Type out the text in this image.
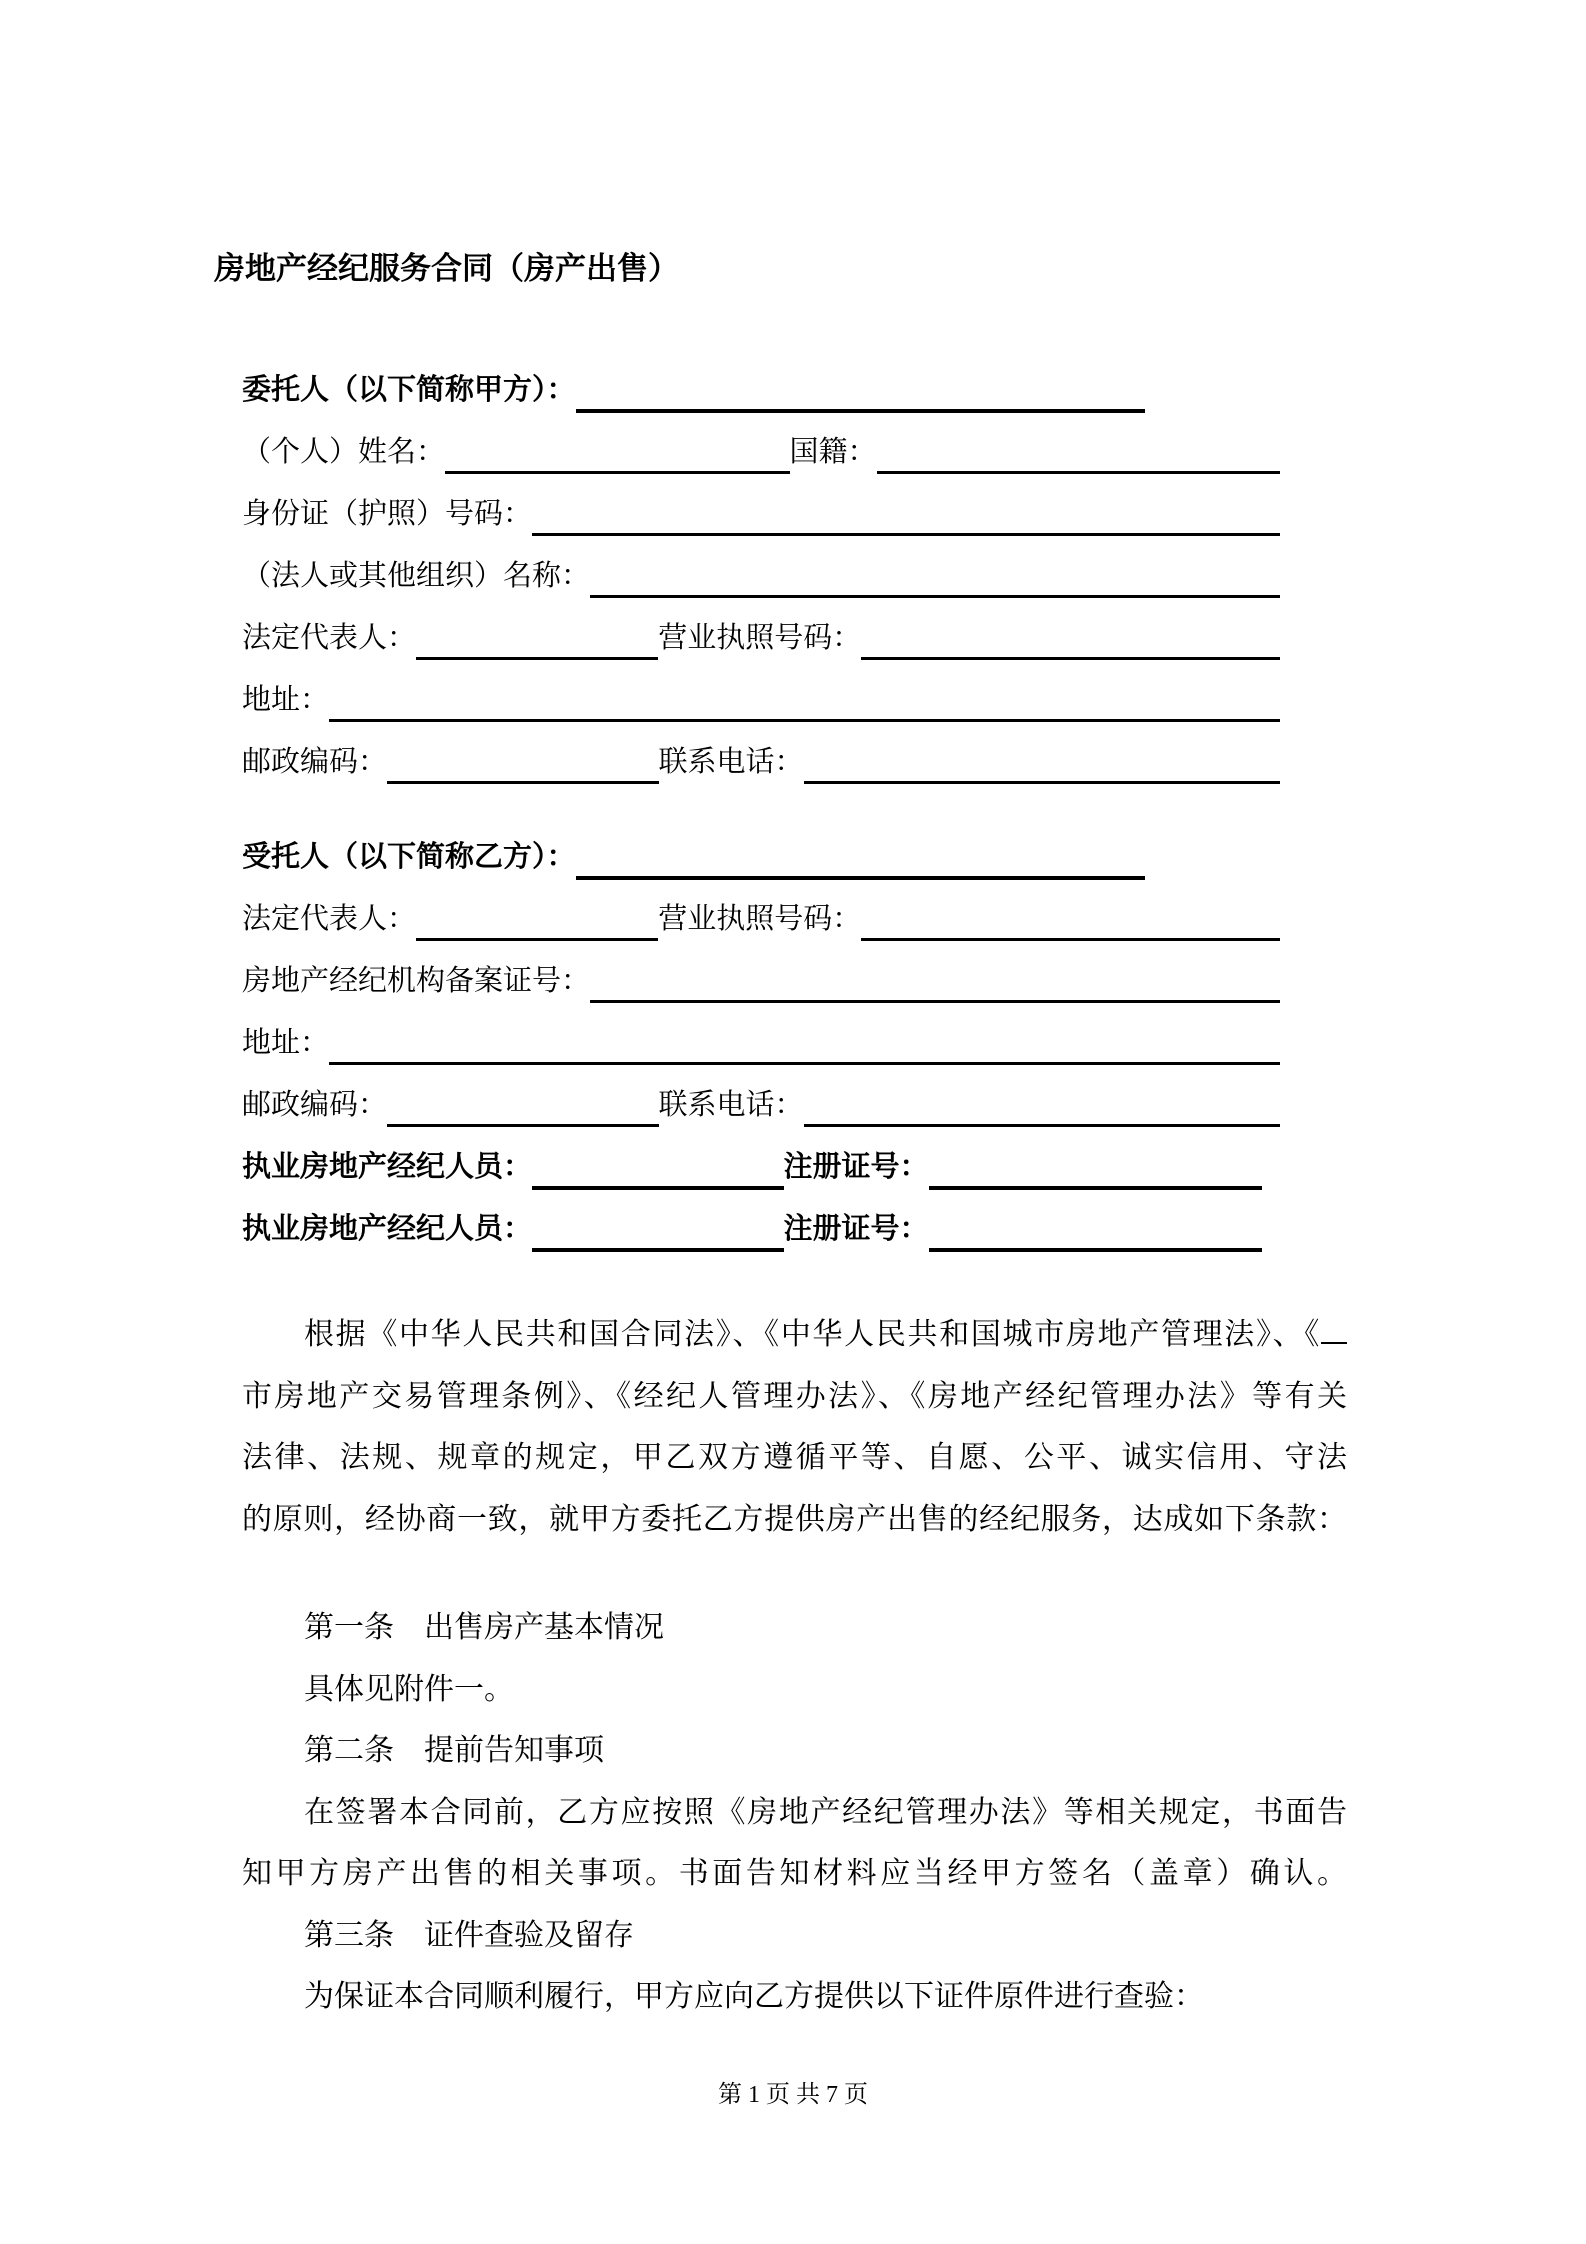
房地产经纪服务合同（房产出售）
委托人（以下简称甲方）：
（个人）姓名：	国籍：
身份证（护照）号码：
（法人或其他组织）名称：
法定代表人：	营业执照号码：
地址：
邮政编码：	联系电话：
受托人（以下简称乙方）：
法定代表人：	营业执照号码：
房地产经纪机构备案证号：
地址：
邮政编码：	联系电话：
执业房地产经纪人员：	注册证号：
执业房地产经纪人员：	注册证号：
根据《中华人民共和国合同法》、《中华人民共和国城市房地产管理法》、《
市房地产交易管理条例》、《经纪人管理办法》、《房地产经纪管理办法》等有关
法律、法规、规章的规定，甲乙双方遵循平等、自愿、公平、诚实信用、守法
的原则，经协商一致，就甲方委托乙方提供房产出售的经纪服务，达成如下条款：
第一条　出售房产基本情况
具体见附件一。
第二条　提前告知事项
在签署本合同前，乙方应按照《房地产经纪管理办法》等相关规定，书面告
知甲方房产出售的相关事项。书面告知材料应当经甲方签名（盖章）确认。
第三条　证件查验及留存
为保证本合同顺利履行，甲方应向乙方提供以下证件原件进行查验：
第 1 页 共 7 页
